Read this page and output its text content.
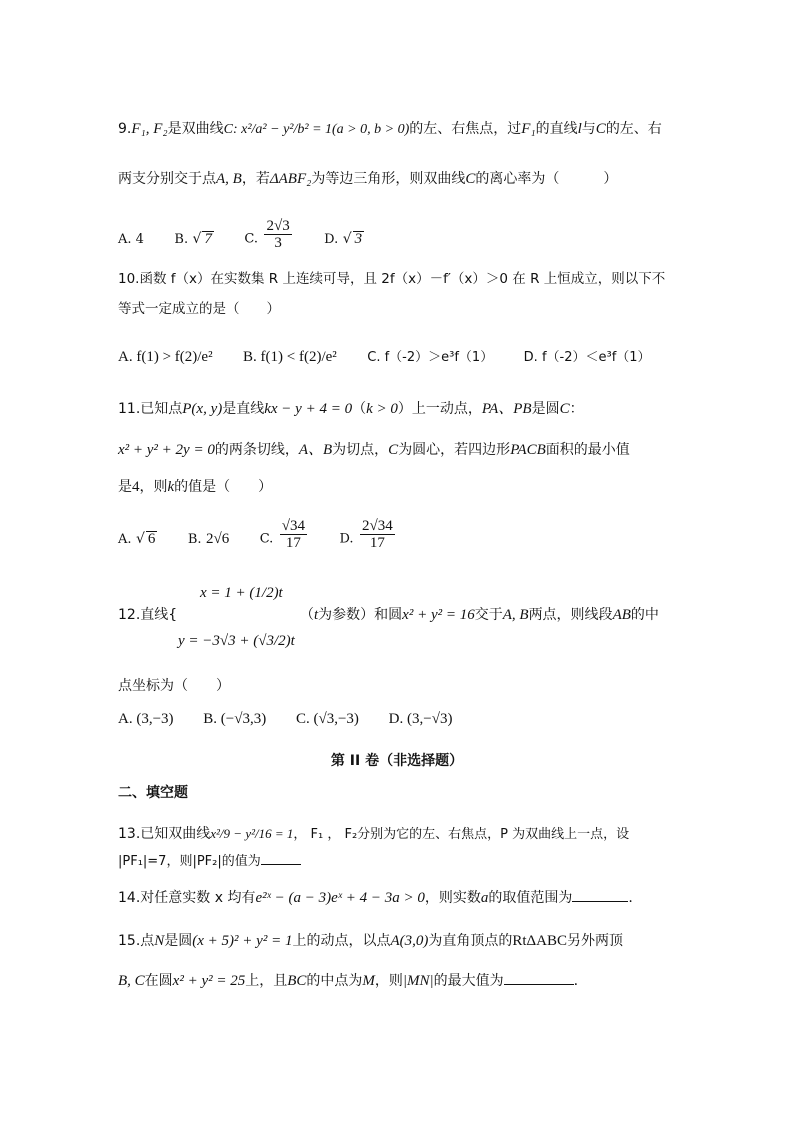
9.F₁, F₂是双曲线C: x²/a² − y²/b² = 1(a > 0, b > 0)的左、右焦点，过F₁的直线l与C的左、右
两支分别交于点A, B，若ΔABF₂为等边三角形，则双曲线C的离心率为（	）
A. 4 B. √ 7 C. $\frac{2√3}{3} D$. √ 3
10.函数 f（x）在实数集 R 上连续可导，且 2f（x）－f′（x）＞0 在 R 上恒成立，则以下不
等式一定成立的是（　　）
A. f(1) > f(2)/e² B. f(1) < f(2)/e² C. f（-2）＞e³f（1） D. f（-2）＜e³f（1）
11.已知点P(x, y)是直线kx − y + 4 = 0（k > 0）上一动点，PA、PB是圆C：
x² + y² + 2y = 0的两条切线，A、B为切点，C为圆心，若四边形PACB面积的最小值
是4，则k的值是（　　）
A. √ 6 B. 2√6 C. $\frac{√34}{17} D$. $\frac{2√34}{17}$
x = 1 + (1/2)t
12.直线{	（t为参数）和圆x² + y² = 16交于A, B两点，则线段AB的中
y = −3√3 + (√3/2)t
点坐标为（　　）
A. (3,−3) B. (−√3,3) C. (√3,−3) D. (3,−√3)
第 II 卷（非选择题）
二、填空题
13.已知双曲线x²/9 − y²/16 = 1， F₁ ， F₂分别为它的左、右焦点，P 为双曲线上一点，设
|PF₁|=7，则|PF₂|的值为
14.对任意实数 x 均有e²ˣ − (a − 3)eˣ + 4 − 3a > 0，则实数a的取值范围为	.
15.点N是圆(x + 5)² + y² = 1上的动点，以点A(3,0)为直角顶点的RtΔABC另外两顶
B, C在圆x² + y² = 25上，且BC的中点为M，则|MN|的最大值为	.
